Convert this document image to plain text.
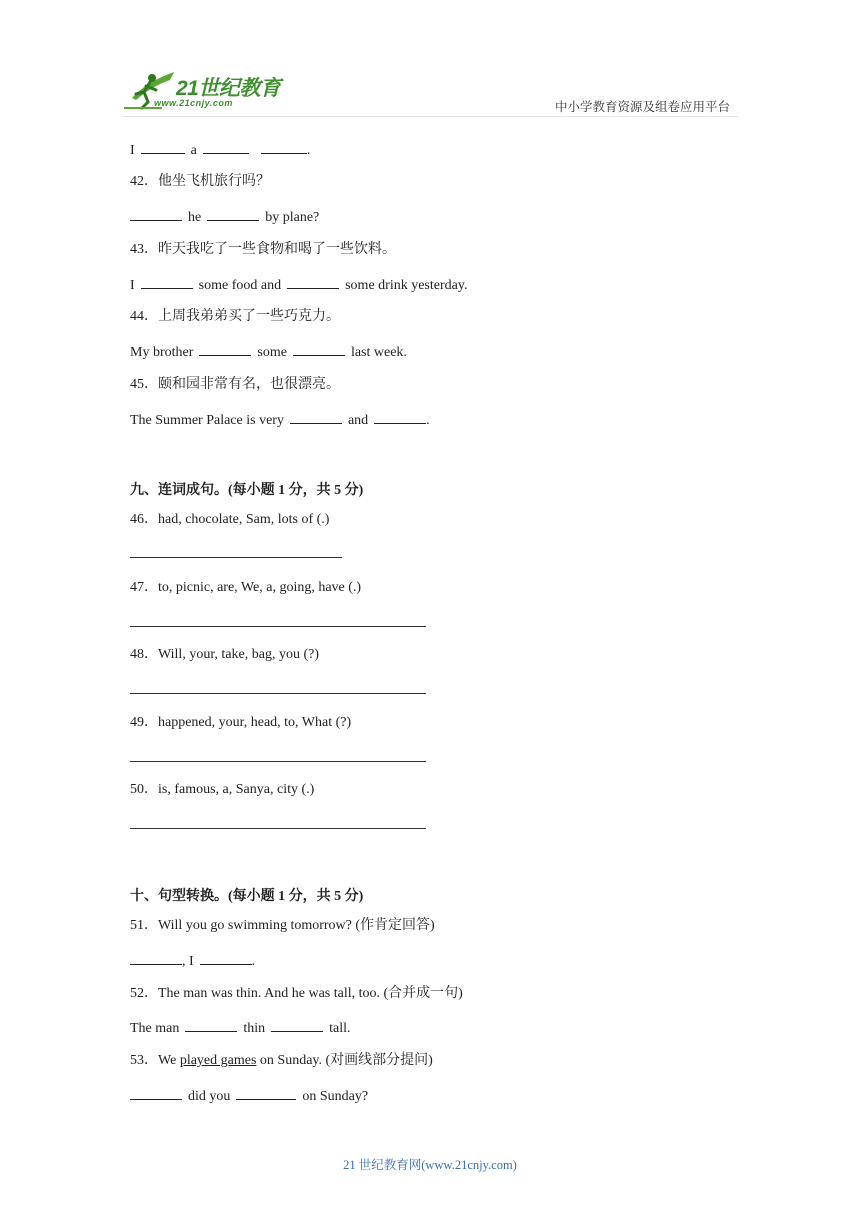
21世纪教育
www.21cnjy.com	中小学教育资源及组卷应用平台
I	a	.
42．他坐飞机旅行吗？
he	by plane?
43．昨天我吃了一些食物和喝了一些饮料。
I	some food and	some drink yesterday.
44．上周我弟弟买了一些巧克力。
My brother	some	last week.
45．颐和园非常有名，也很漂亮。
The Summer Palace is very	and	.
九、连词成句。(每小题 1 分，共 5 分)
46．had, chocolate, Sam, lots of (.)
47．to, picnic, are, We, a, going, have (.)
48．Will, your, take, bag, you (?)
49．happened, your, head, to, What (?)
50．is, famous, a, Sanya, city (.)
十、句型转换。(每小题 1 分，共 5 分)
51．Will you go swimming tomorrow? (作肯定回答)
, I	.
52．The man was thin. And he was tall, too. (合并成一句)
The man	thin	tall.
53．We played games on Sunday. (对画线部分提问)
did you	on Sunday?
21 世纪教育网(www.21cnjy.com)
